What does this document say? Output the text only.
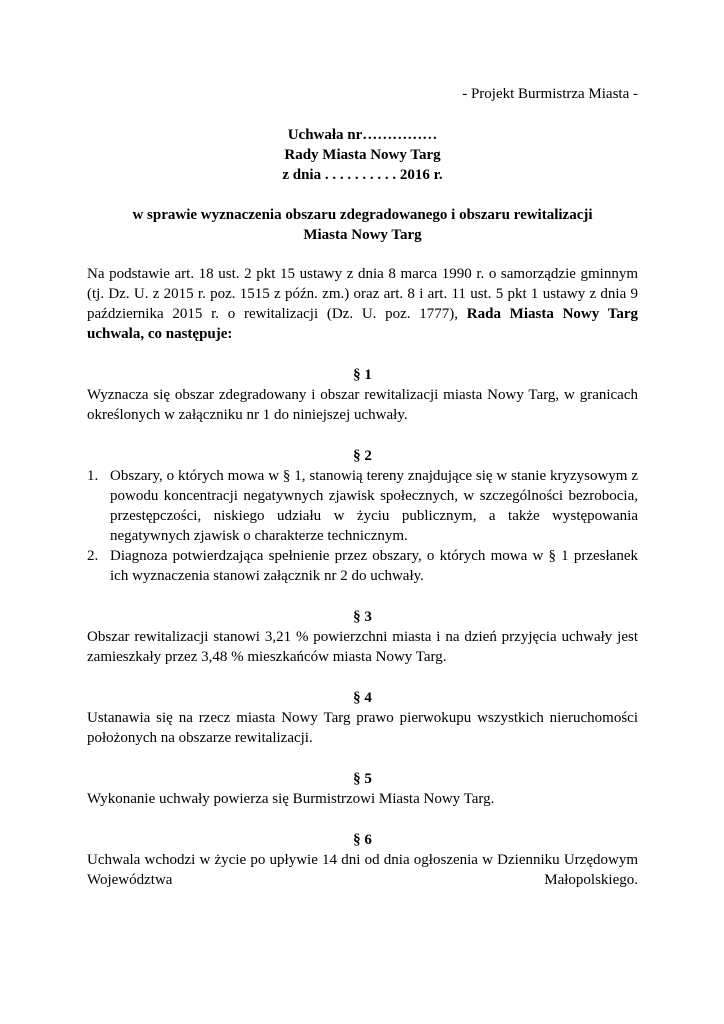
- Projekt Burmistrza Miasta -

Uchwała nr……………

Rady Miasta Nowy Targ

z dnia . . . . . . . . . . 2016 r.

w sprawie wyznaczenia obszaru zdegradowanego i obszaru rewitalizacji

Miasta Nowy Targ

Na podstawie art. 18 ust. 2 pkt 15 ustawy z dnia 8 marca 1990 r. o samorządzie gminnym (tj. Dz. U. z 2015 r. poz. 1515 z późn. zm.) oraz art. 8 i art. 11 ust. 5 pkt 1 ustawy z dnia 9 października 2015 r. o rewitalizacji (Dz. U. poz. 1777), Rada Miasta Nowy Targ uchwala, co następuje:

§ 1

Wyznacza się obszar zdegradowany i obszar rewitalizacji miasta Nowy Targ, w granicach określonych w załączniku nr 1 do niniejszej uchwały.

§ 2

1. Obszary, o których mowa w § 1, stanowią tereny znajdujące się w stanie kryzysowym z powodu koncentracji negatywnych zjawisk społecznych, w szczególności bezrobocia, przestępczości, niskiego udziału w życiu publicznym, a także występowania negatywnych zjawisk o charakterze technicznym.
2. Diagnoza potwierdzająca spełnienie przez obszary, o których mowa w § 1 przesłanek ich wyznaczenia stanowi załącznik nr 2 do uchwały.

§ 3

Obszar rewitalizacji stanowi 3,21 % powierzchni miasta i na dzień przyjęcia uchwały jest zamieszkały przez 3,48 % mieszkańców miasta Nowy Targ.

§ 4

Ustanawia się na rzecz miasta Nowy Targ prawo pierwokupu wszystkich nieruchomości położonych na obszarze rewitalizacji.

§ 5

Wykonanie uchwały powierza się Burmistrzowi Miasta Nowy Targ.

§ 6

Uchwala wchodzi w życie po upływie 14 dni od dnia ogłoszenia w Dzienniku Urzędowym Województwa Małopolskiego.
